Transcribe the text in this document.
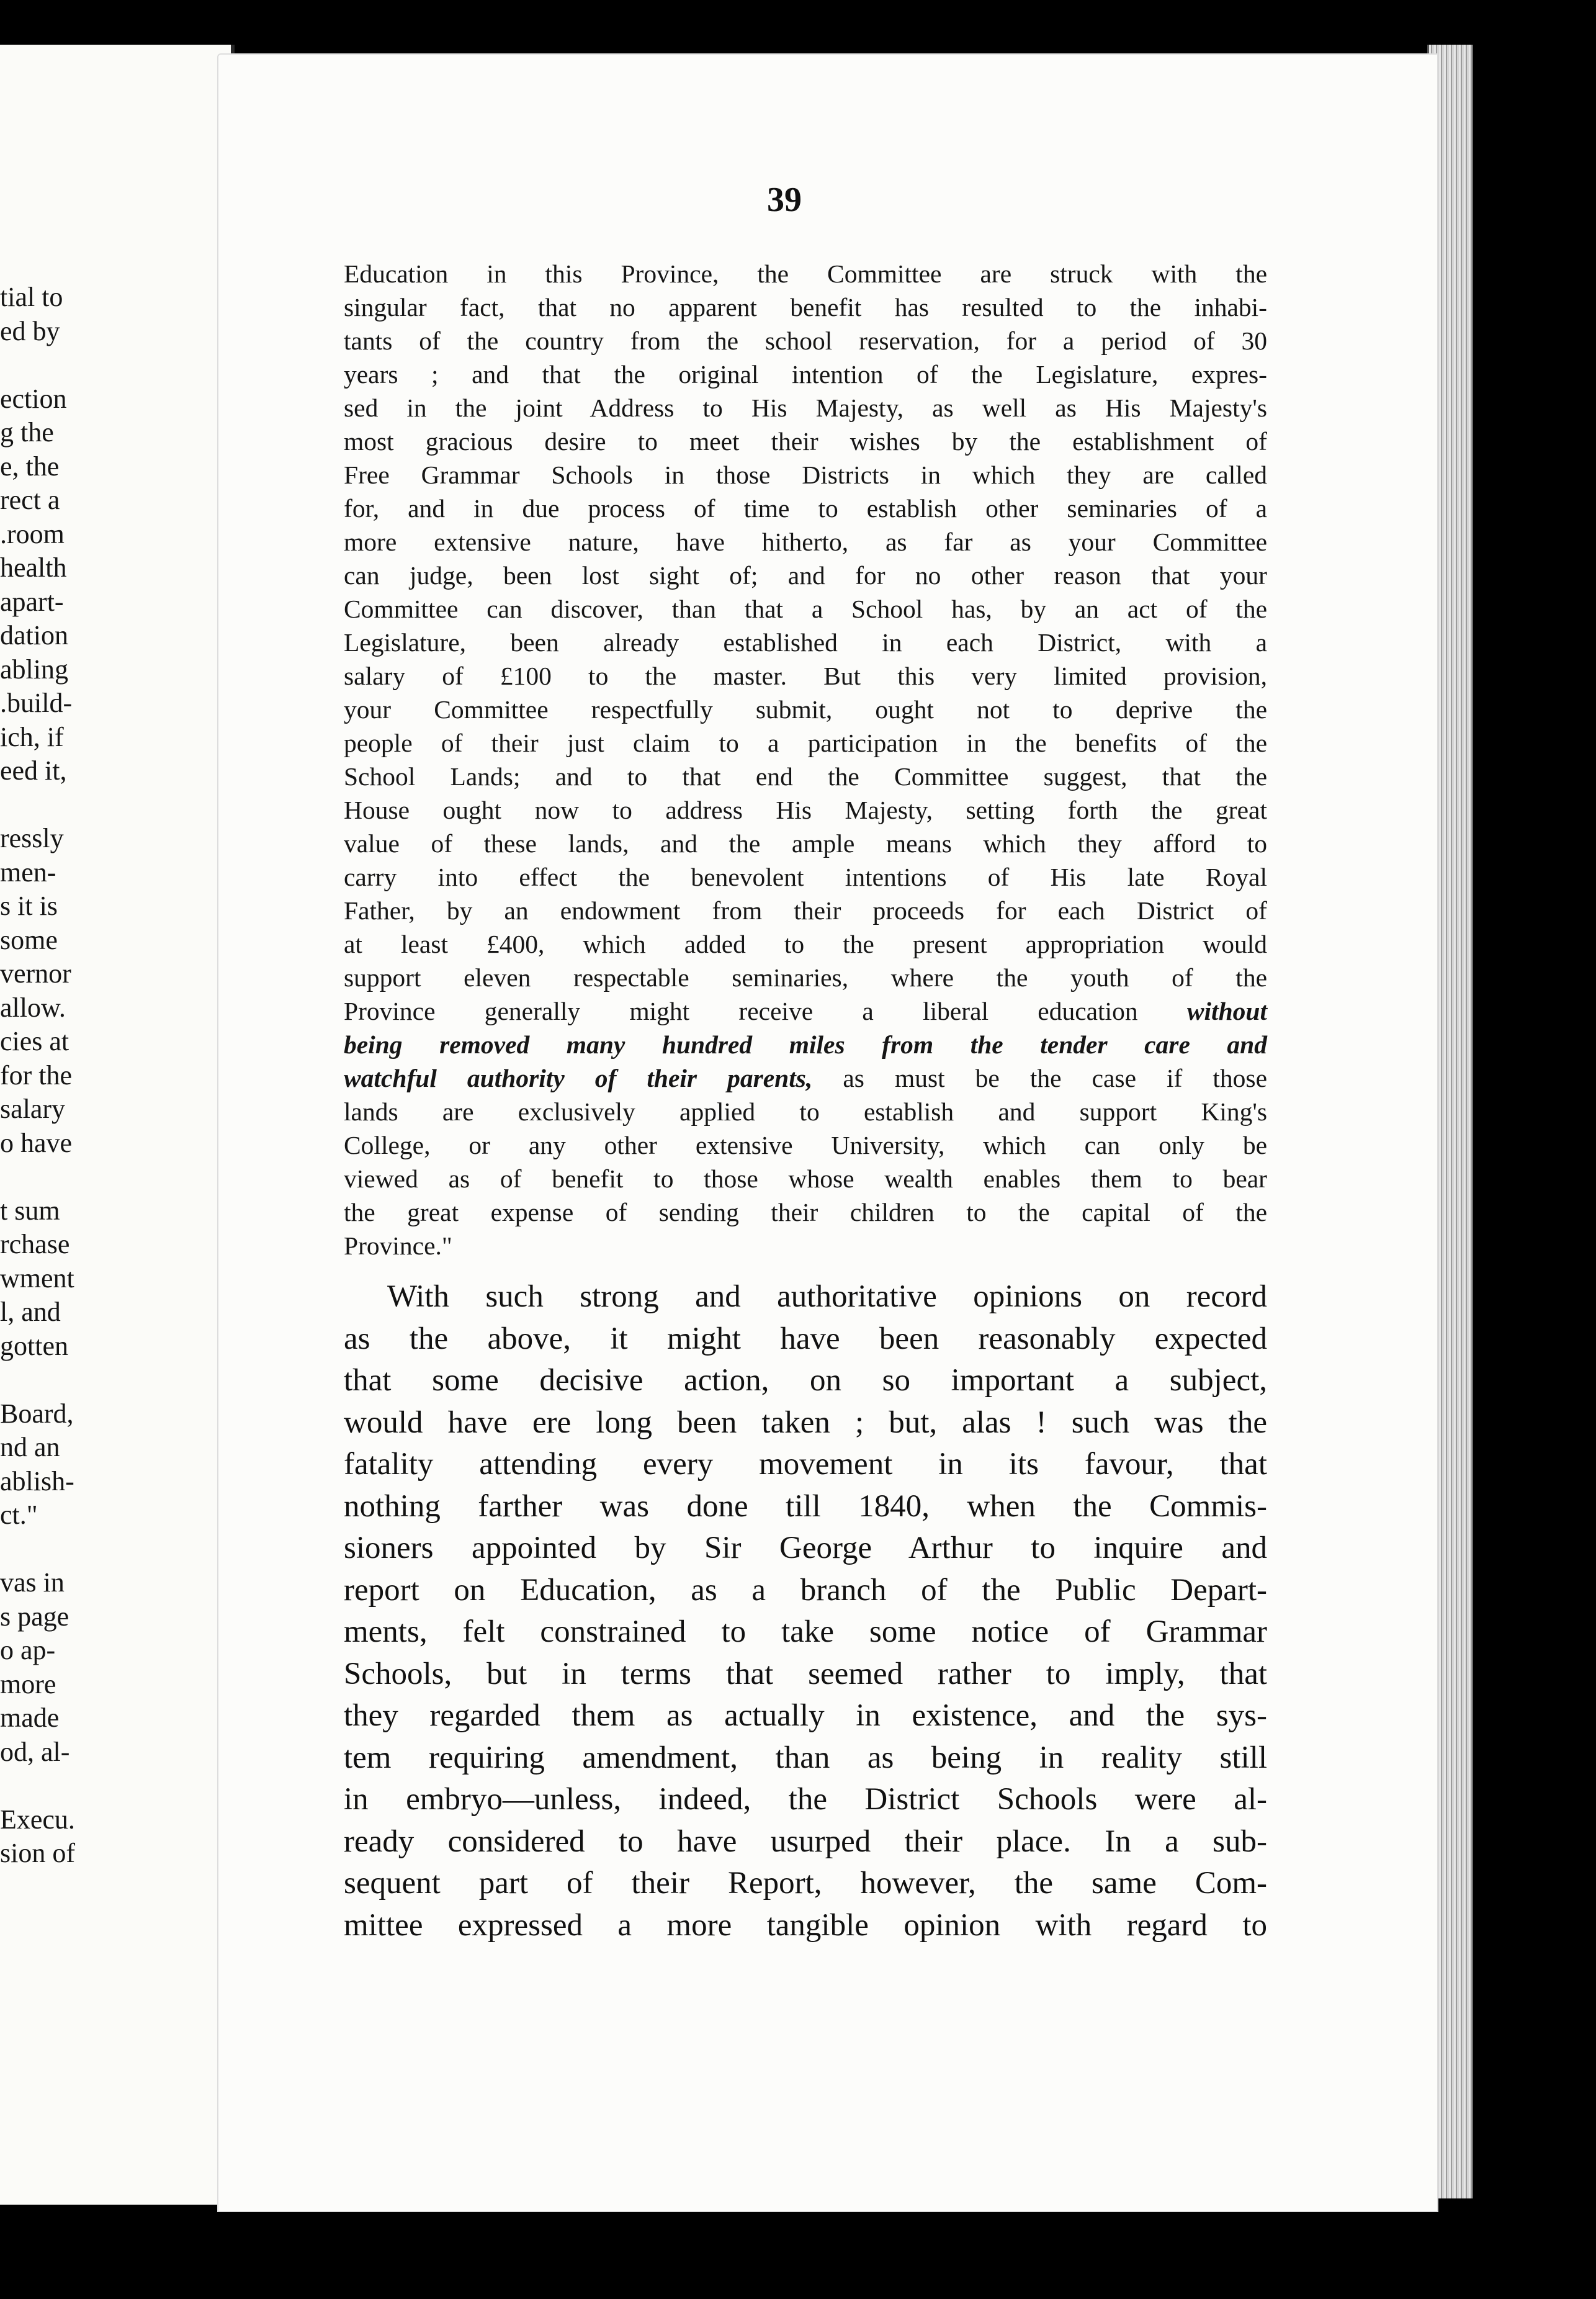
tial to
ed by
ection
g the
e, the
rect a
.room
health
apart-
dation
abling
.build-
ich, if
eed it,
ressly
men-
s it is
some
vernor
allow.
cies at
for the
salary
o have
t sum
rchase
wment
l, and
gotten
Board,
nd an
ablish-
ct."
vas in
s page
o ap-
more
made
od, al-
Execu.
sion of
39

Education in this Province, the Committee are struck with the

singular fact, that no apparent benefit has resulted to the inhabi-

tants of the country from the school reservation, for a period of 30

years ; and that the original intention of the Legislature, expres-

sed in the joint Address to His Majesty, as well as His Majesty's

most gracious desire to meet their wishes by the establishment of

Free Grammar Schools in those Districts in which they are called

for, and in due process of time to establish other seminaries of a

more extensive nature, have hitherto, as far as your Committee

can judge, been lost sight of; and for no other reason that your

Committee can discover, than that a School has, by an act of the

Legislature, been already established in each District, with a

salary of £100 to the master. But this very limited provision,

your Committee respectfully submit, ought not to deprive the

people of their just claim to a participation in the benefits of the

School Lands; and to that end the Committee suggest, that the

House ought now to address His Majesty, setting forth the great

value of these lands, and the ample means which they afford to

carry into effect the benevolent intentions of His late Royal

Father, by an endowment from their proceeds for each District of

at least £400, which added to the present appropriation would

support eleven respectable seminaries, where the youth of the

Province generally might receive a liberal education without

being removed many hundred miles from the tender care and

watchful authority of their parents, as must be the case if those

lands are exclusively applied to establish and support King's

College, or any other extensive University, which can only be

viewed as of benefit to those whose wealth enables them to bear

the great expense of sending their children to the capital of the

Province."

With such strong and authoritative opinions on record

as the above, it might have been reasonably expected

that some decisive action, on so important a subject,

would have ere long been taken ; but, alas ! such was the

fatality attending every movement in its favour, that

nothing farther was done till 1840, when the Commis-

sioners appointed by Sir George Arthur to inquire and

report on Education, as a branch of the Public Depart-

ments, felt constrained to take some notice of Grammar

Schools, but in terms that seemed rather to imply, that

they regarded them as actually in existence, and the sys-

tem requiring amendment, than as being in reality still

in embryo—unless, indeed, the District Schools were al-

ready considered to have usurped their place. In a sub-

sequent part of their Report, however, the same Com-

mittee expressed a more tangible opinion with regard to
